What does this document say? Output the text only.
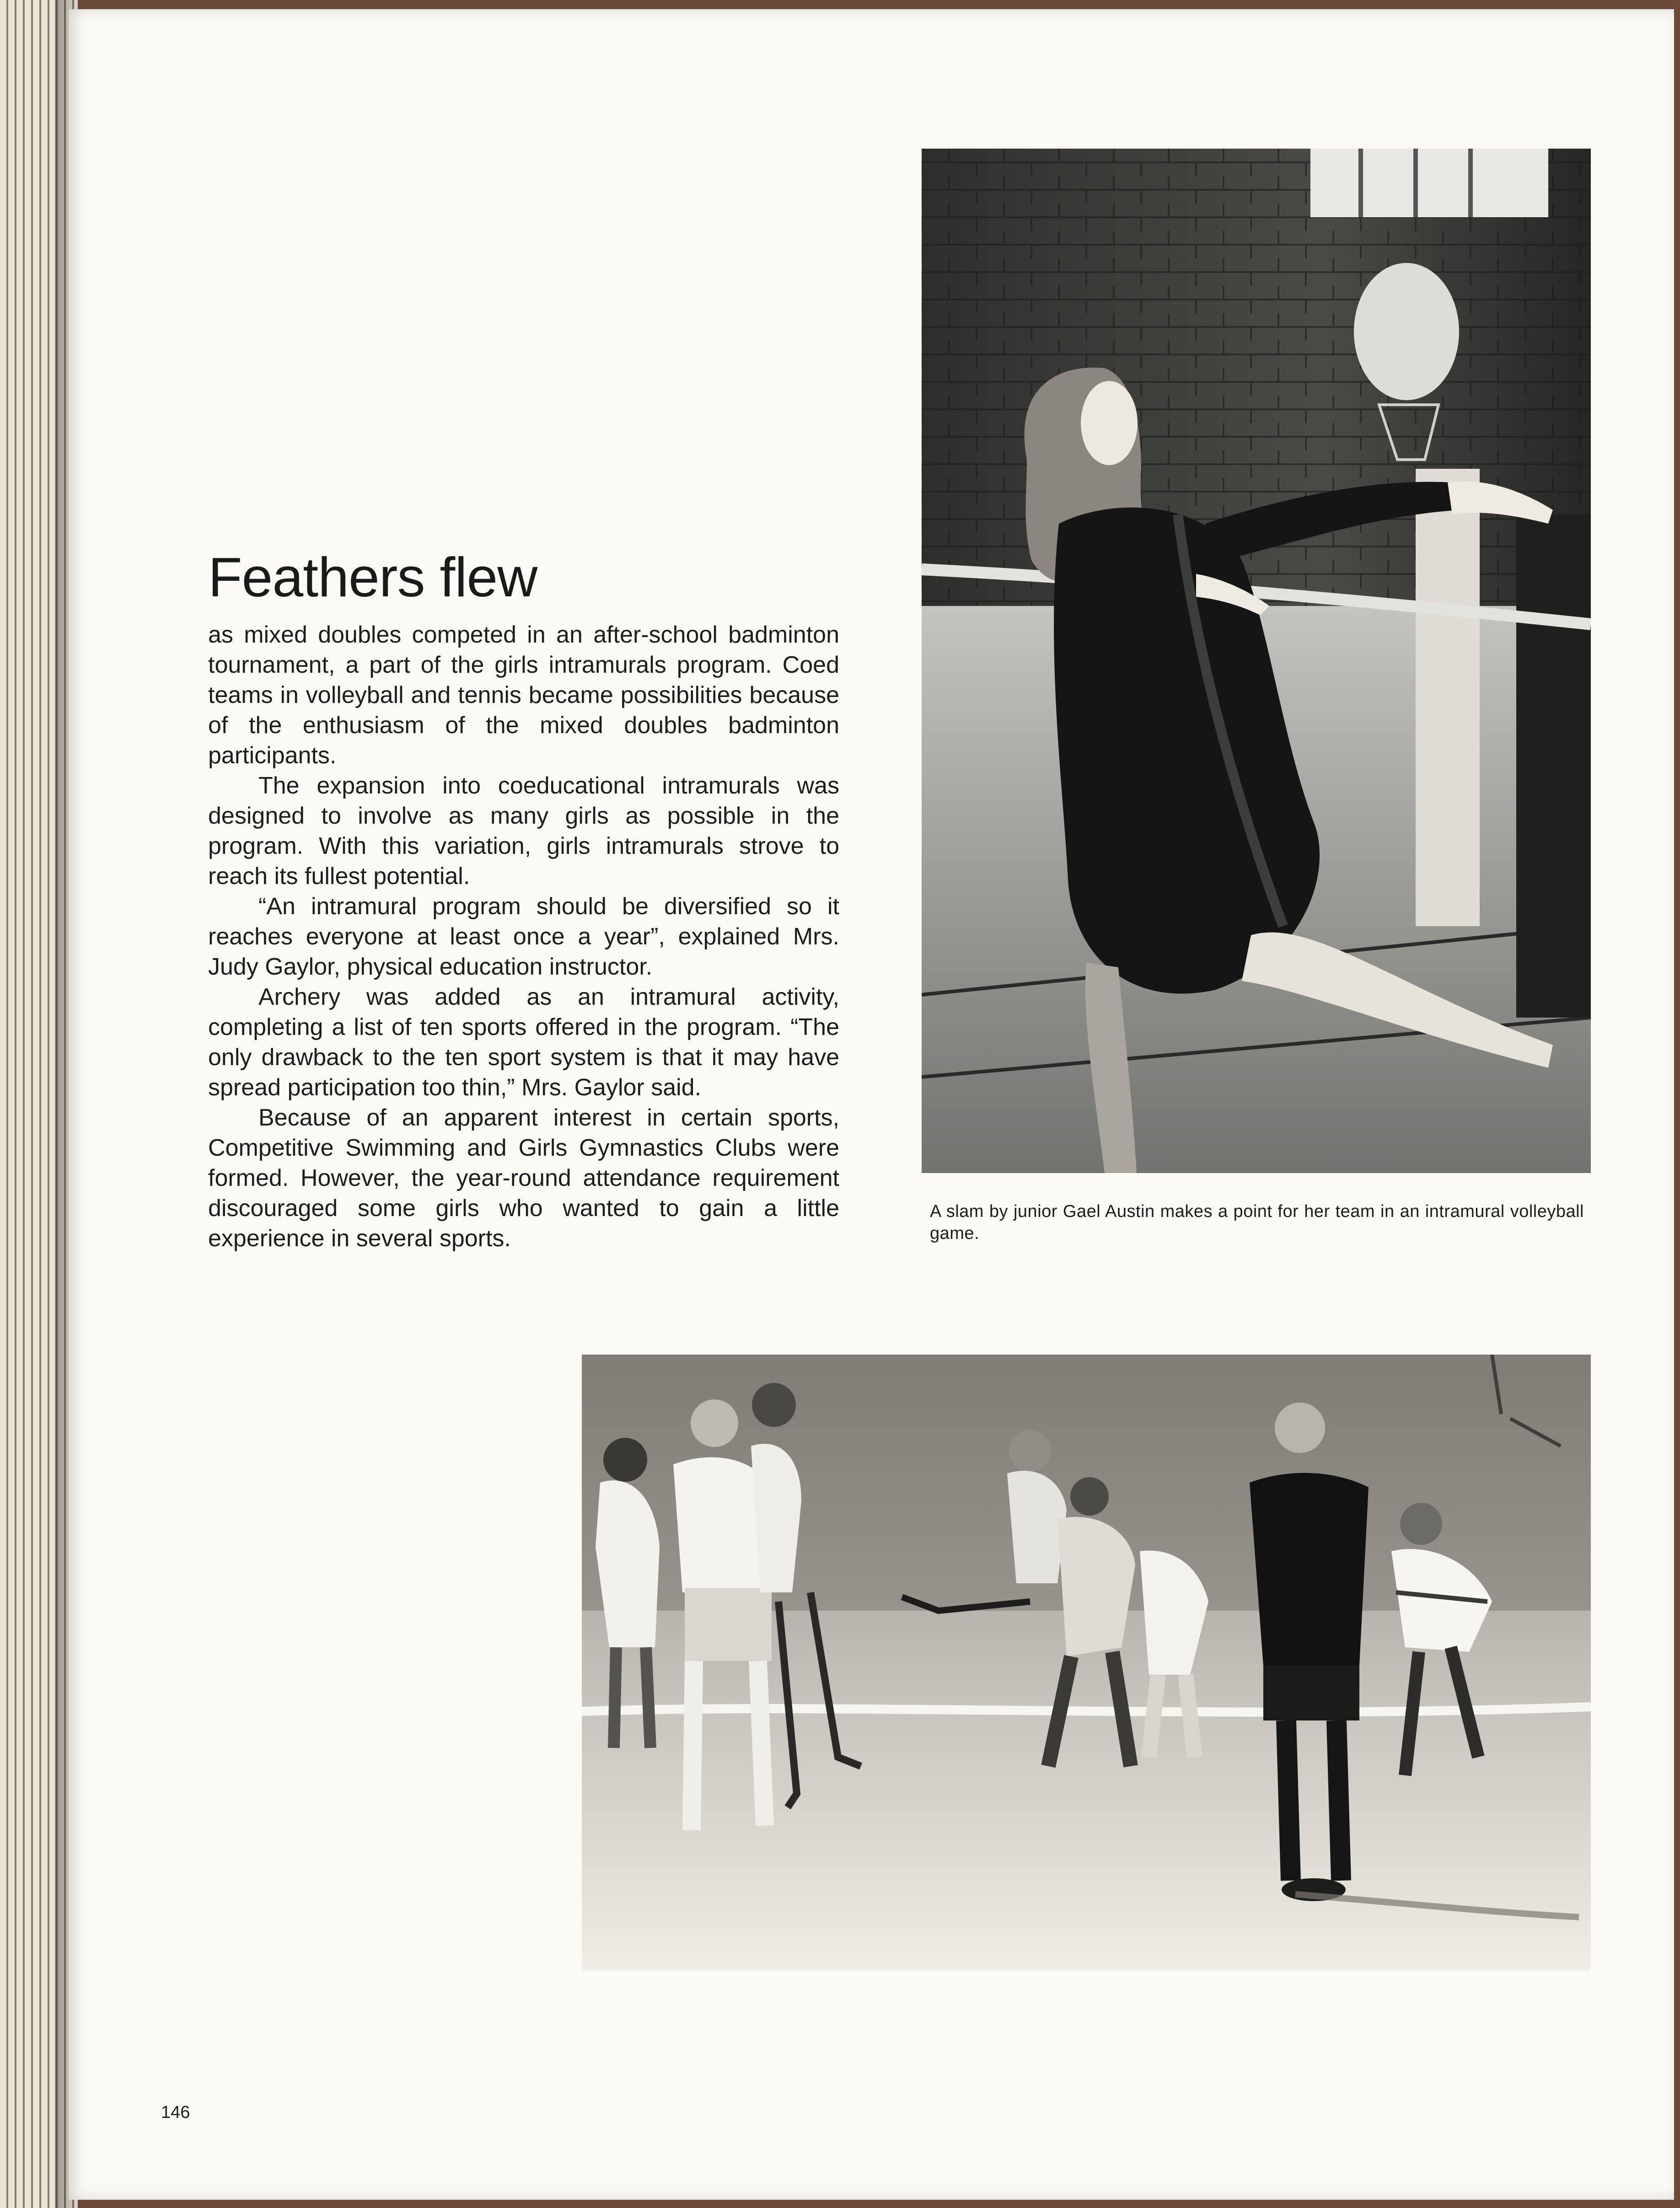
Feathers flew

as mixed doubles competed in an after-school badminton tournament, a part of the girls intramurals program. Coed teams in volleyball and tennis became possibilities because of the enthusiasm of the mixed doubles badminton participants.

The expansion into coeducational intramurals was designed to involve as many girls as possible in the program. With this variation, girls intramurals strove to reach its fullest potential.

“An intramural program should be diversified so it reaches everyone at least once a year”, explained Mrs. Judy Gaylor, physical education instructor.

Archery was added as an intramural activity, completing a list of ten sports offered in the program. “The only drawback to the ten sport system is that it may have spread participation too thin,” Mrs. Gaylor said.

Because of an apparent interest in certain sports, Competitive Swimming and Girls Gymnastics Clubs were formed. However, the year-round attendance requirement discouraged some girls who wanted to gain a little experience in several sports.

A slam by junior Gael Austin makes a point for her team in an intramural volleyball game.
146
